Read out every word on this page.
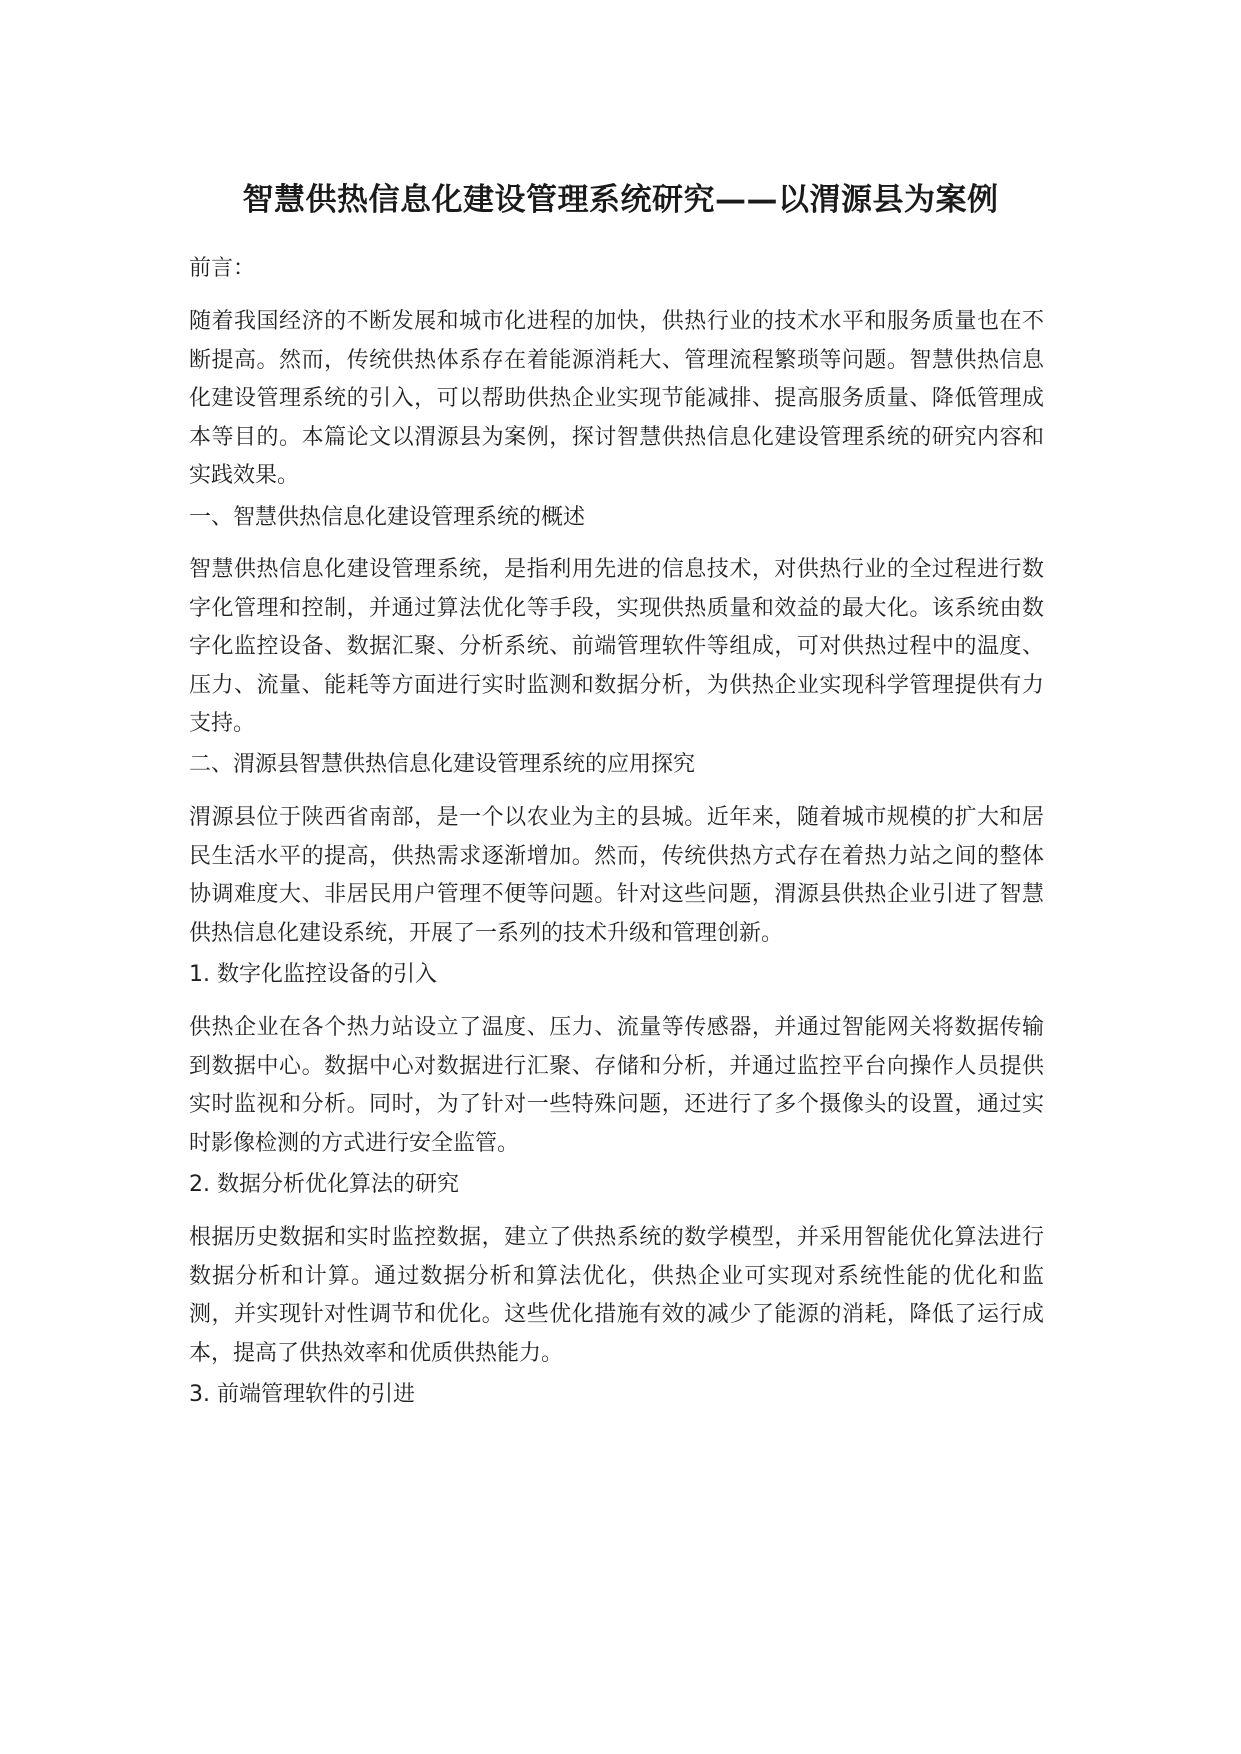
智慧供热信息化建设管理系统研究——以渭源县为案例

前言：

随着我国经济的不断发展和城市化进程的加快，供热行业的技术水平和服务质量也在不断提高。然而，传统供热体系存在着能源消耗大、管理流程繁琐等问题。智慧供热信息化建设管理系统的引入，可以帮助供热企业实现节能减排、提高服务质量、降低管理成本等目的。本篇论文以渭源县为案例，探讨智慧供热信息化建设管理系统的研究内容和实践效果。

一、智慧供热信息化建设管理系统的概述

智慧供热信息化建设管理系统，是指利用先进的信息技术，对供热行业的全过程进行数字化管理和控制，并通过算法优化等手段，实现供热质量和效益的最大化。该系统由数字化监控设备、数据汇聚、分析系统、前端管理软件等组成，可对供热过程中的温度、压力、流量、能耗等方面进行实时监测和数据分析，为供热企业实现科学管理提供有力支持。

二、渭源县智慧供热信息化建设管理系统的应用探究

渭源县位于陕西省南部，是一个以农业为主的县城。近年来，随着城市规模的扩大和居民生活水平的提高，供热需求逐渐增加。然而，传统供热方式存在着热力站之间的整体协调难度大、非居民用户管理不便等问题。针对这些问题，渭源县供热企业引进了智慧供热信息化建设系统，开展了一系列的技术升级和管理创新。

1. 数字化监控设备的引入

供热企业在各个热力站设立了温度、压力、流量等传感器，并通过智能网关将数据传输到数据中心。数据中心对数据进行汇聚、存储和分析，并通过监控平台向操作人员提供实时监视和分析。同时，为了针对一些特殊问题，还进行了多个摄像头的设置，通过实时影像检测的方式进行安全监管。

2. 数据分析优化算法的研究

根据历史数据和实时监控数据，建立了供热系统的数学模型，并采用智能优化算法进行数据分析和计算。通过数据分析和算法优化，供热企业可实现对系统性能的优化和监测，并实现针对性调节和优化。这些优化措施有效的减少了能源的消耗，降低了运行成本，提高了供热效率和优质供热能力。

3. 前端管理软件的引进
